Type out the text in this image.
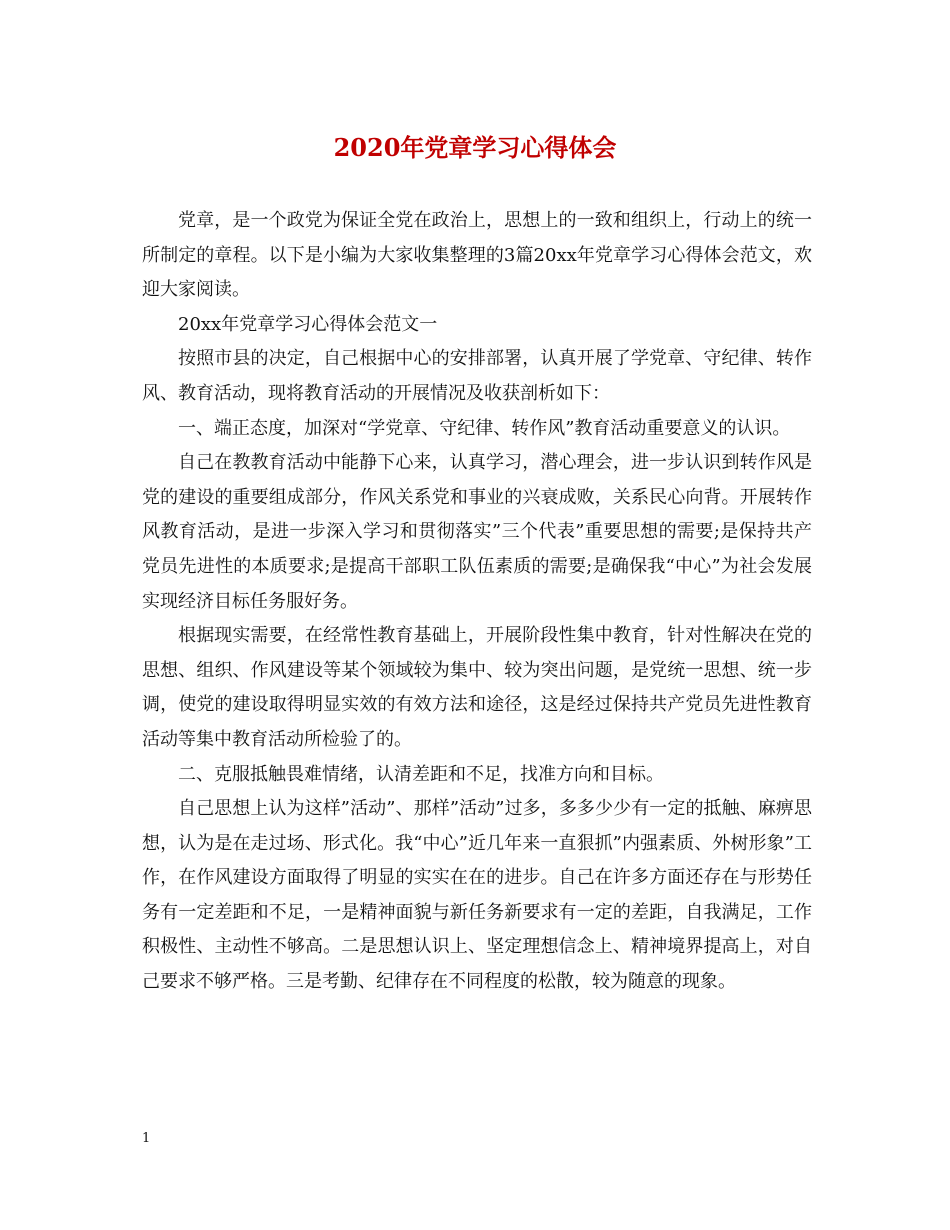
2020年党章学习心得体会

党章，是一个政党为保证全党在政治上，思想上的一致和组织上，行动上的统一所制定的章程。以下是小编为大家收集整理的3篇20xx年党章学习心得体会范文，欢迎大家阅读。

20xx年党章学习心得体会范文一

按照市县的决定，自己根据中心的安排部署，认真开展了学党章、守纪律、转作风、教育活动，现将教育活动的开展情况及收获剖析如下：

一、端正态度，加深对“学党章、守纪律、转作风”教育活动重要意义的认识。

自己在教教育活动中能静下心来，认真学习，潜心理会，进一步认识到转作风是党的建设的重要组成部分，作风关系党和事业的兴衰成败，关系民心向背。开展转作风教育活动，是进一步深入学习和贯彻落实”三个代表”重要思想的需要;是保持共产党员先进性的本质要求;是提高干部职工队伍素质的需要;是确保我“中心”为社会发展实现经济目标任务服好务。

根据现实需要，在经常性教育基础上，开展阶段性集中教育，针对性解决在党的思想、组织、作风建设等某个领域较为集中、较为突出问题，是党统一思想、统一步调，使党的建设取得明显实效的有效方法和途径，这是经过保持共产党员先进性教育活动等集中教育活动所检验了的。

二、克服抵触畏难情绪，认清差距和不足，找准方向和目标。

自己思想上认为这样”活动”、那样”活动”过多，多多少少有一定的抵触、麻痹思想，认为是在走过场、形式化。我“中心”近几年来一直狠抓”内强素质、外树形象”工作，在作风建设方面取得了明显的实实在在的进步。自己在许多方面还存在与形势任务有一定差距和不足，一是精神面貌与新任务新要求有一定的差距，自我满足，工作积极性、主动性不够高。二是思想认识上、坚定理想信念上、精神境界提高上，对自己要求不够严格。三是考勤、纪律存在不同程度的松散，较为随意的现象。

1
